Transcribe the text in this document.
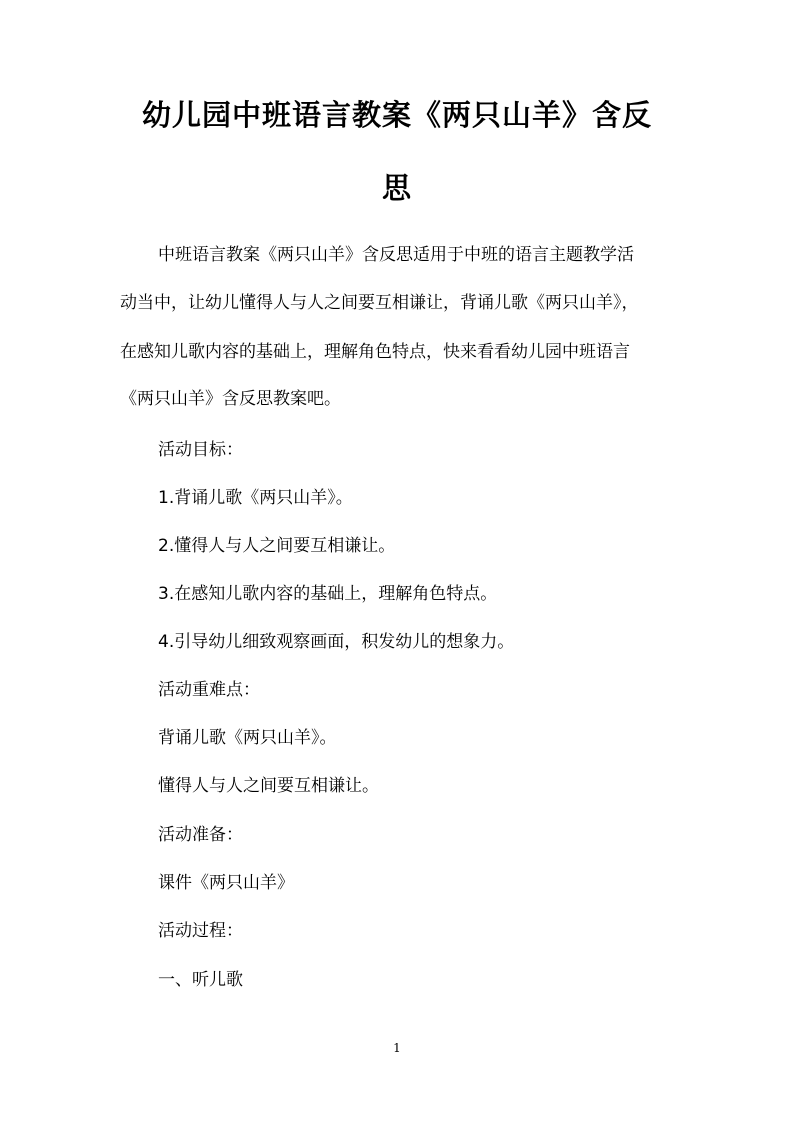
幼儿园中班语言教案《两只山羊》含反
思
中班语言教案《两只山羊》含反思适用于中班的语言主题教学活
动当中，让幼儿懂得人与人之间要互相谦让，背诵儿歌《两只山羊》，
在感知儿歌内容的基础上，理解角色特点，快来看看幼儿园中班语言
《两只山羊》含反思教案吧。
活动目标：
1.背诵儿歌《两只山羊》。
2.懂得人与人之间要互相谦让。
3.在感知儿歌内容的基础上，理解角色特点。
4.引导幼儿细致观察画面，积发幼儿的想象力。
活动重难点：
背诵儿歌《两只山羊》。
懂得人与人之间要互相谦让。
活动准备：
课件《两只山羊》
活动过程：
一、听儿歌
1
